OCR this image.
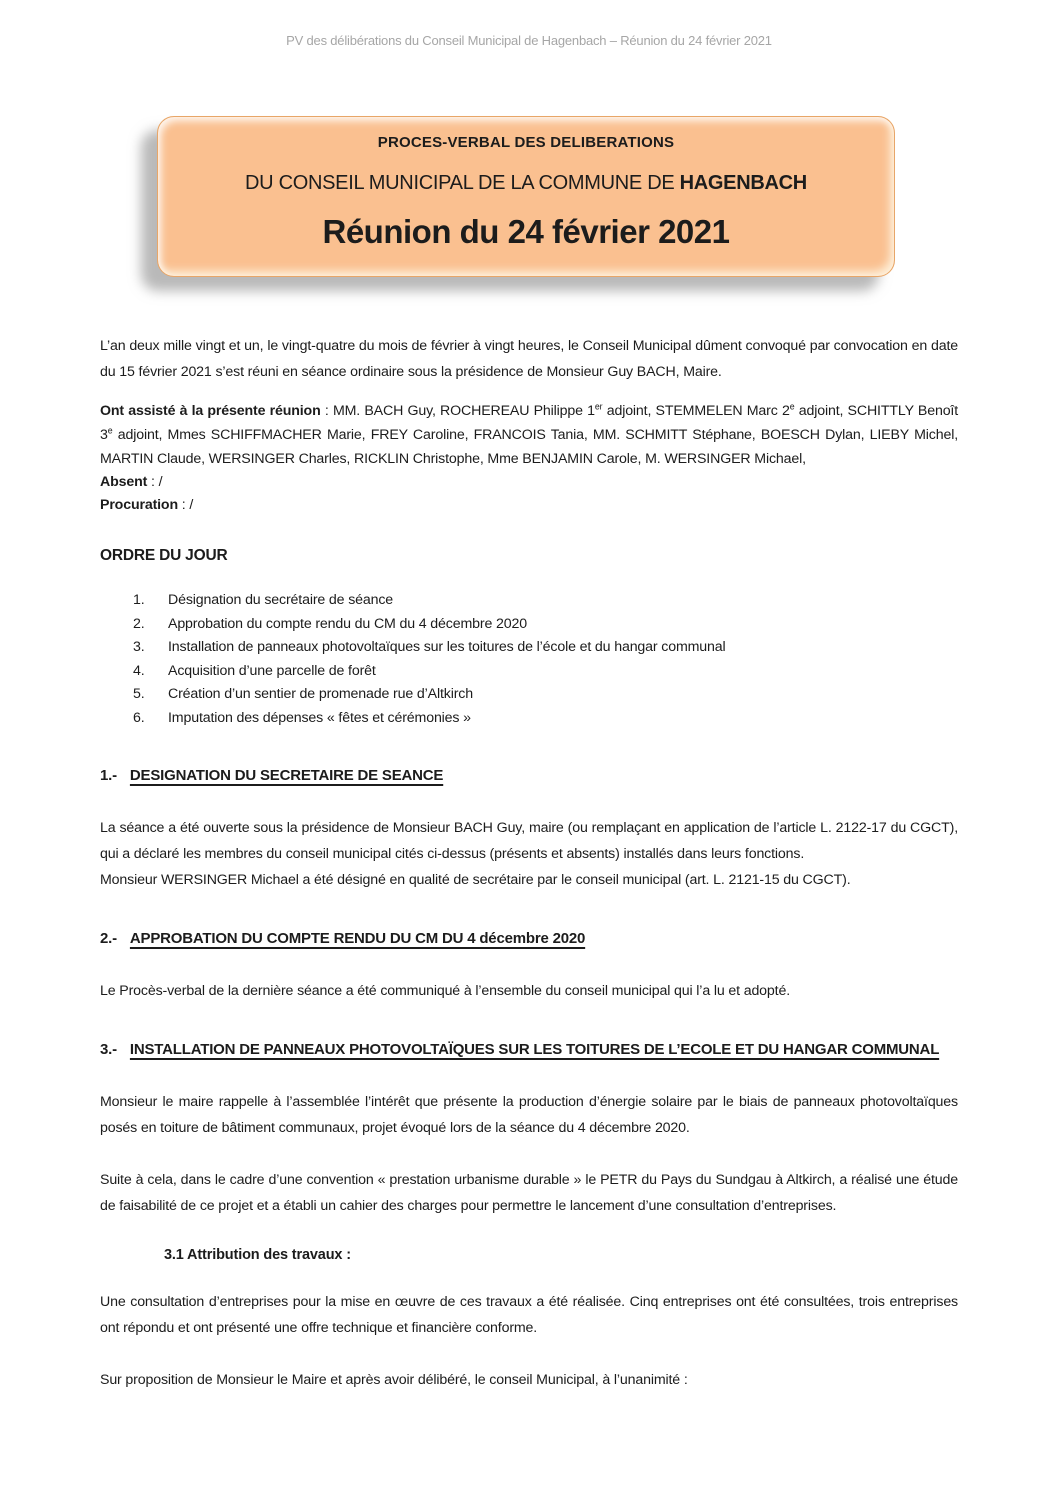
PV des délibérations du Conseil Municipal de Hagenbach – Réunion du 24 février 2021
PROCES-VERBAL DES DELIBERATIONS
DU CONSEIL MUNICIPAL DE LA COMMUNE DE HAGENBACH
Réunion du 24 février 2021
L’an deux mille vingt et un, le vingt-quatre du mois de février à vingt heures, le Conseil Municipal dûment convoqué par convocation en date du 15 février 2021 s’est réuni en séance ordinaire sous la présidence de Monsieur Guy BACH, Maire.
Ont assisté à la présente réunion : MM. BACH Guy, ROCHEREAU Philippe 1er adjoint, STEMMELEN Marc 2e adjoint, SCHITTLY Benoît 3e adjoint, Mmes SCHIFFMACHER Marie, FREY Caroline, FRANCOIS Tania, MM. SCHMITT Stéphane, BOESCH Dylan, LIEBY Michel, MARTIN Claude, WERSINGER Charles, RICKLIN Christophe, Mme BENJAMIN Carole, M. WERSINGER Michael,
Absent : /
Procuration : /
ORDRE DU JOUR
1.	Désignation du secrétaire de séance
2.	Approbation du compte rendu du CM du 4 décembre 2020
3.	Installation de panneaux photovoltaïques sur les toitures de l’école et du hangar communal
4.	Acquisition d’une parcelle de forêt
5.	Création d’un sentier de promenade rue d’Altkirch
6.	Imputation des dépenses « fêtes et cérémonies »
1.- DESIGNATION DU SECRETAIRE DE SEANCE
La séance a été ouverte sous la présidence de Monsieur BACH Guy, maire (ou remplaçant en application de l’article L. 2122-17 du CGCT), qui a déclaré les membres du conseil municipal cités ci-dessus (présents et absents) installés dans leurs fonctions.
Monsieur WERSINGER Michael a été désigné en qualité de secrétaire par le conseil municipal (art. L. 2121-15 du CGCT).
2.- APPROBATION DU COMPTE RENDU DU CM DU 4 décembre 2020
Le Procès-verbal de la dernière séance a été communiqué à l’ensemble du conseil municipal qui l’a lu et adopté.
3.- INSTALLATION DE PANNEAUX PHOTOVOLTAÏQUES SUR LES TOITURES DE L’ECOLE ET DU HANGAR COMMUNAL
Monsieur le maire rappelle à l’assemblée l’intérêt que présente la production d’énergie solaire par le biais de panneaux photovoltaïques posés en toiture de bâtiment communaux, projet évoqué lors de la séance du 4 décembre 2020.
Suite à cela, dans le cadre d’une convention « prestation urbanisme durable » le PETR du Pays du Sundgau à Altkirch, a réalisé une étude de faisabilité de ce projet et a établi un cahier des charges pour permettre le lancement d’une consultation d’entreprises.
3.1 Attribution des travaux :
Une consultation d’entreprises pour la mise en œuvre de ces travaux a été réalisée. Cinq entreprises ont été consultées, trois entreprises ont répondu et ont présenté une offre technique et financière conforme.
Sur proposition de Monsieur le Maire et après avoir délibéré, le conseil Municipal, à l’unanimité :
